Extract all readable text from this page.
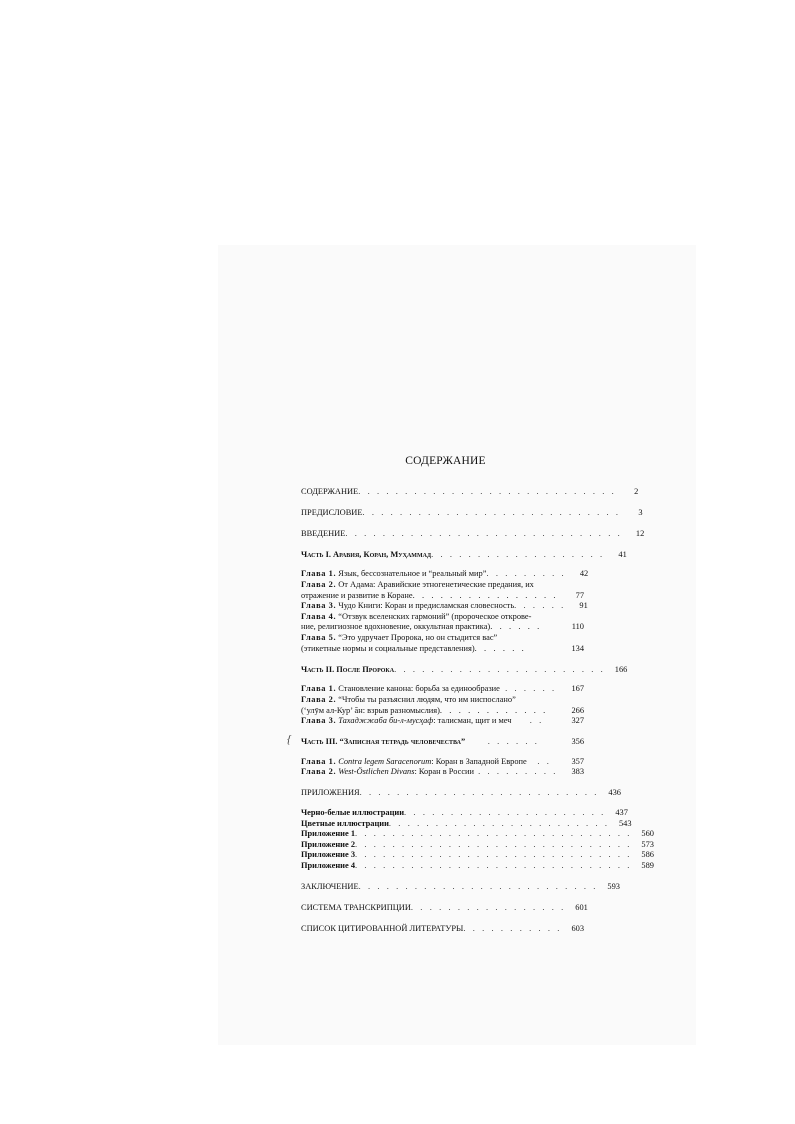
СОДЕРЖАНИЕ
СОДЕРЖАНИЕ . . . . . . . . . . . . . . . . . . . . . . . . . . . .	2
ПРЕДИСЛОВИЕ . . . . . . . . . . . . . . . . . . . . . . . . . . . .	3
ВВЕДЕНИЕ . . . . . . . . . . . . . . . . . . . . . . . . . . . . . .	12
Часть I. Аравия, Коран, Муҳаммад . . . . . . . . . . . . . . . . . . .	41
Глава 1. Язык, бессознательное и “реальный мир” . . . . . . . . .	42
Глава 2. От Адама: Аравийские этногенетические предания, их
отражение и развитие в Коране . . . . . . . . . . . . . . . .	77
Глава 3. Чудо Книги: Коран и предисламская словесность . . . . . .	91
Глава 4. “Отзвук вселенских гармоний” (пророческое открове-
ние, религиозное вдохновение, оккультная практика) . . . . . .	110
Глава 5. “Это удручает Пророка, но он стыдится вас”
(этикетные нормы и социальные представления) . . . . . .	134
Часть II. После Пророка . . . . . . . . . . . . . . . . . . . . . . .	166
Глава 1. Становление канона: борьба за единообразие . . . . . .	167
Глава 2. “Чтобы ты разъяснил людям, что им ниспослано”
(‘улӯм ал-Кур’ āн: взрыв разномыслия) . . . . . . . . . . . .	266
Глава 3. Тахаджжаба би-л-мусҳаф: талисман, щит и меч	. .	327
Часть III. “Записная тетрадь человечества”	. . . . . .	356
Глава 1. Contra legem Saracenorum: Коран в Западной Европе	. .	357
Глава 2. West-Östlichen Divans: Коран в России . . . . . . . . .	383
ПРИЛОЖЕНИЯ . . . . . . . . . . . . . . . . . . . . . . . . . .	436
Черно-белые иллюстрации . . . . . . . . . . . . . . . . . . . . . .	437
Цветные иллюстрации . . . . . . . . . . . . . . . . . . . . . . . .	543
Приложение 1 . . . . . . . . . . . . . . . . . . . . . . . . . . . . . .	560
Приложение 2 . . . . . . . . . . . . . . . . . . . . . . . . . . . . . .	573
Приложение 3 . . . . . . . . . . . . . . . . . . . . . . . . . . . . . .	586
Приложение 4 . . . . . . . . . . . . . . . . . . . . . . . . . . . . . .	589
ЗАКЛЮЧЕНИЕ . . . . . . . . . . . . . . . . . . . . . . . . . .	593
СИСТЕМА ТРАНСКРИПЦИИ . . . . . . . . . . . . . . . . .	601
СПИСОК ЦИТИРОВАННОЙ ЛИТЕРАТУРЫ . . . . . . . . . . .	603
{
